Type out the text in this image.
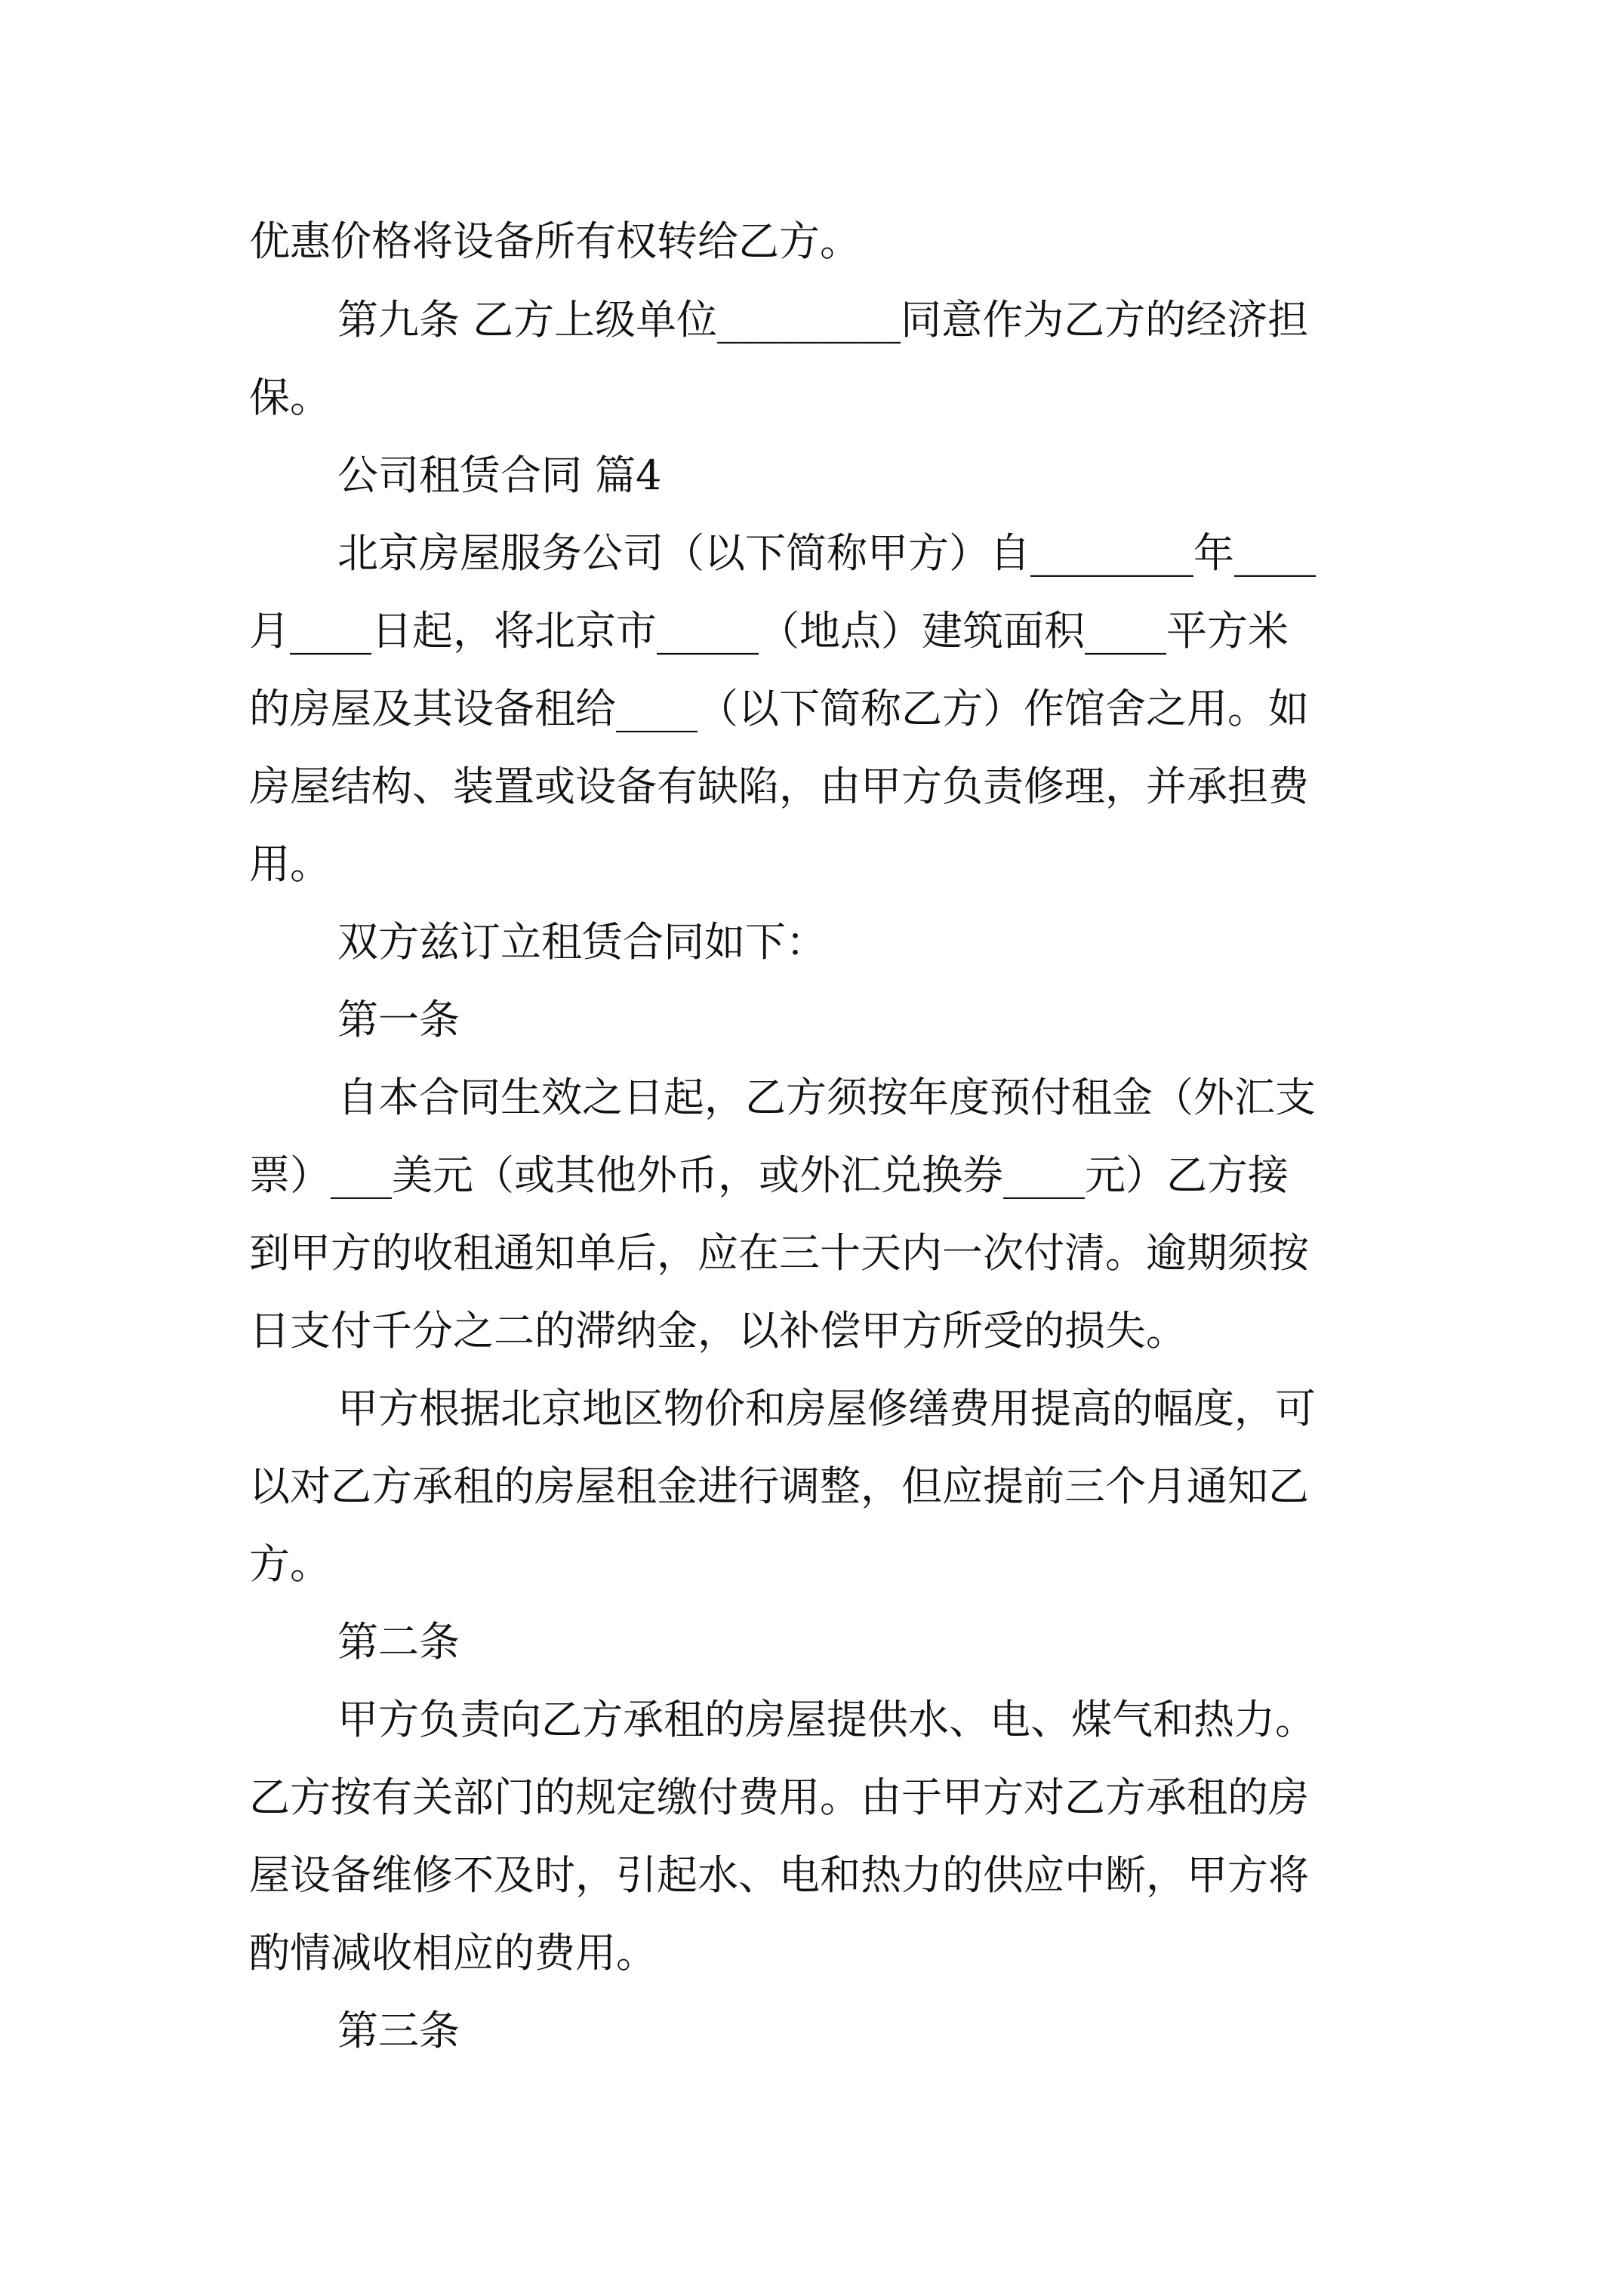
优惠价格将设备所有权转给乙方。
第九条 乙方上级单位_________同意作为乙方的经济担
保。
公司租赁合同 篇4
北京房屋服务公司（以下简称甲方）自________年____
月____日起，将北京市_____（地点）建筑面积____平方米
的房屋及其设备租给____（以下简称乙方）作馆舍之用。如
房屋结构、装置或设备有缺陷，由甲方负责修理，并承担费
用。
双方兹订立租赁合同如下：
第一条
自本合同生效之日起，乙方须按年度预付租金（外汇支
票）___美元（或其他外币，或外汇兑换券____元）乙方接
到甲方的收租通知单后，应在三十天内一次付清。逾期须按
日支付千分之二的滞纳金，以补偿甲方所受的损失。
甲方根据北京地区物价和房屋修缮费用提高的幅度，可
以对乙方承租的房屋租金进行调整，但应提前三个月通知乙
方。
第二条
甲方负责向乙方承租的房屋提供水、电、煤气和热力。
乙方按有关部门的规定缴付费用。由于甲方对乙方承租的房
屋设备维修不及时，引起水、电和热力的供应中断，甲方将
酌情减收相应的费用。
第三条
